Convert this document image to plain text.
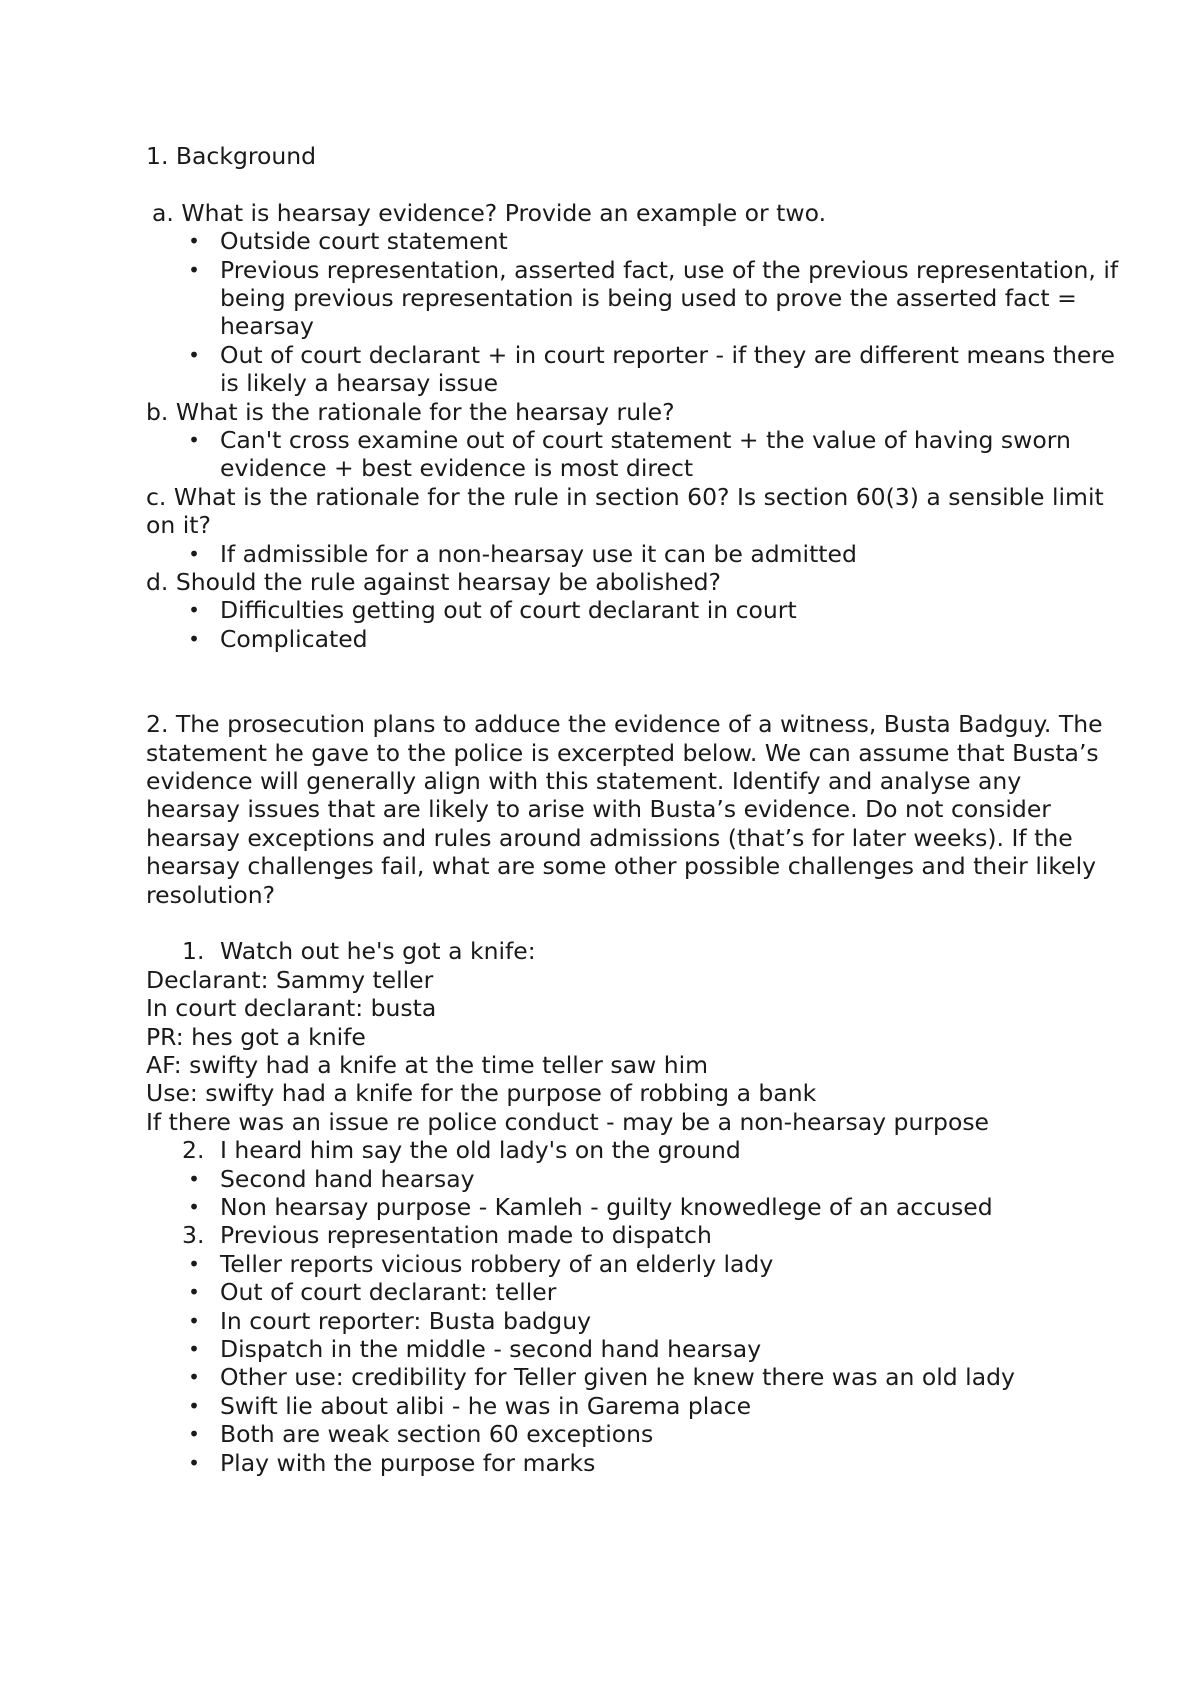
1. Background

a. What is hearsay evidence? Provide an example or two.

• Outside court statement
• Previous representation, asserted fact, use of the previous representation, if being previous representation is being used to prove the asserted fact = hearsay
• Out of court declarant + in court reporter - if they are different means there is likely a hearsay issue

b. What is the rationale for the hearsay rule?

• Can't cross examine out of court statement + the value of having sworn evidence + best evidence is most direct

c. What is the rationale for the rule in section 60? Is section 60(3) a sensible limit on it?

• If admissible for a non-hearsay use it can be admitted

d. Should the rule against hearsay be abolished?

• Difficulties getting out of court declarant in court
• Complicated

2. The prosecution plans to adduce the evidence of a witness, Busta Badguy. The statement he gave to the police is excerpted below. We can assume that Busta’s evidence will generally align with this statement. Identify and analyse any hearsay issues that are likely to arise with Busta’s evidence. Do not consider hearsay exceptions and rules around admissions (that’s for later weeks). If the hearsay challenges fail, what are some other possible challenges and their likely resolution?

1. Watch out he's got a knife:

Declarant: Sammy teller

In court declarant: busta

PR: hes got a knife

AF: swifty had a knife at the time teller saw him

Use: swifty had a knife for the purpose of robbing a bank

If there was an issue re police conduct - may be a non-hearsay purpose

2. I heard him say the old lady's on the ground
• Second hand hearsay
• Non hearsay purpose - Kamleh - guilty knowedlege of an accused
3. Previous representation made to dispatch
• Teller reports vicious robbery of an elderly lady
• Out of court declarant: teller
• In court reporter: Busta badguy
• Dispatch in the middle - second hand hearsay
• Other use: credibility for Teller given he knew there was an old lady
• Swift lie about alibi - he was in Garema place
• Both are weak section 60 exceptions
• Play with the purpose for marks
